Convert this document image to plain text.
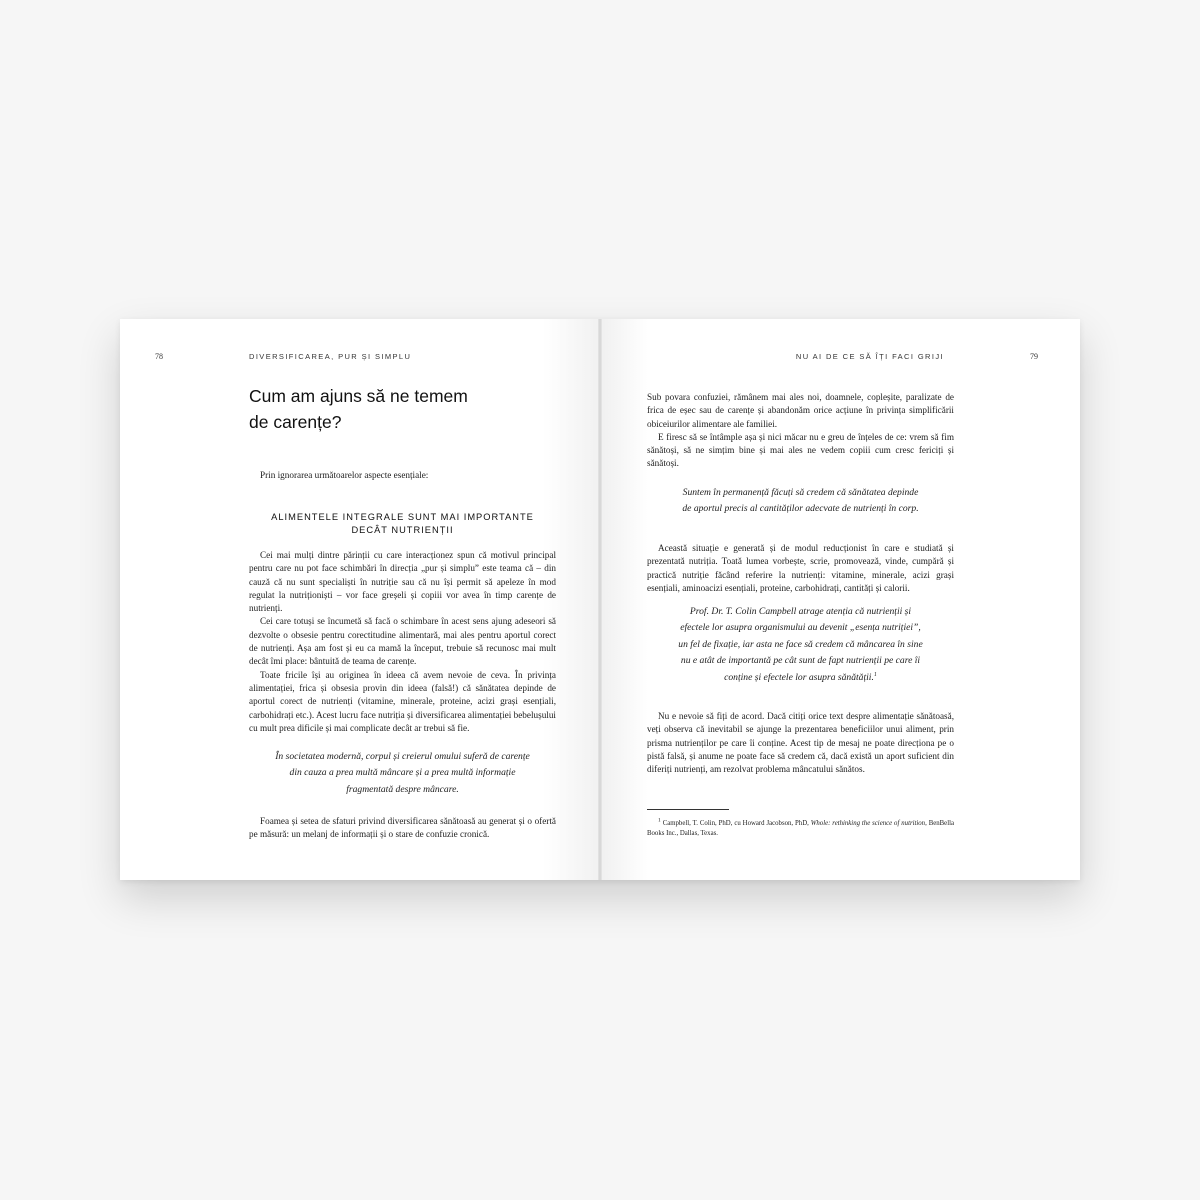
78	DIVERSIFICAREA, PUR ȘI SIMPLU
Cum am ajuns să ne temem
de carențe?

Prin ignorarea următoarelor aspecte esențiale:

ALIMENTELE INTEGRALE SUNT MAI IMPORTANTE
DECÂT NUTRIENȚII

Cei mai mulți dintre părinții cu care interacționez spun că motivul principal pentru care nu pot face schimbări în direcția „pur și simplu” este teama că – din cauză că nu sunt specialiști în nutriție sau că nu își permit să apeleze în mod regulat la nutriționiști – vor face greșeli și copiii vor avea în timp carențe de nutrienți.

Cei care totuși se încumetă să facă o schimbare în acest sens ajung adeseori să dezvolte o obsesie pentru corectitudine alimentară, mai ales pentru aportul corect de nutrienți. Așa am fost și eu ca mamă la început, trebuie să recunosc mai mult decât îmi place: bântuită de teama de carențe.

Toate fricile își au originea în ideea că avem nevoie de ceva. În privința alimentației, frica și obsesia provin din ideea (falsă!) că sănătatea depinde de aportul corect de nutrienți (vitamine, minerale, proteine, acizi grași esențiali, carbohidrați etc.). Acest lucru face nutriția și diversificarea alimentației bebelușului cu mult prea dificile și mai complicate decât ar trebui să fie.

În societatea modernă, corpul și creierul omului suferă de carențe
din cauza a prea multă mâncare și a prea multă informație
fragmentată despre mâncare.

Foamea și setea de sfaturi privind diversificarea sănătoasă au generat și o ofertă pe măsură: un melanj de informații și o stare de confuzie cronică.

NU AI DE CE SĂ ÎȚI FACI GRIJI	79

Sub povara confuziei, rămânem mai ales noi, doamnele, copleșite, paralizate de frica de eșec sau de carențe și abandonăm orice acțiune în privința simplificării obiceiurilor alimentare ale familiei.

E firesc să se întâmple așa și nici măcar nu e greu de înțeles de ce: vrem să fim sănătoși, să ne simțim bine și mai ales ne vedem copiii cum cresc fericiți și sănătoși.

Suntem în permanență făcuți să credem că sănătatea depinde
de aportul precis al cantităților adecvate de nutrienți în corp.

Această situație e generată și de modul reducționist în care e studiată și prezentată nutriția. Toată lumea vorbește, scrie, promovează, vinde, cumpără și practică nutriție făcând referire la nutrienți: vitamine, minerale, acizi grași esențiali, aminoacizi esențiali, proteine, carbohidrați, cantități și calorii.

Prof. Dr. T. Colin Campbell atrage atenția că nutrienții și
efectele lor asupra organismului au devenit „esența nutriției”,
un fel de fixație, iar asta ne face să credem că mâncarea în sine
nu e atât de importantă pe cât sunt de fapt nutrienții pe care îi
conține și efectele lor asupra sănătății.$^1$

Nu e nevoie să fiți de acord. Dacă citiți orice text despre alimentație sănătoasă, veți observa că inevitabil se ajunge la prezentarea beneficiilor unui aliment, prin prisma nutrienților pe care îi conține. Acest tip de mesaj ne poate direcționa pe o pistă falsă, și anume ne poate face să credem că, dacă există un aport suficient din diferiți nutrienți, am rezolvat problema mâncatului sănătos.

$^1$ Campbell, T. Colin, PhD, cu Howard Jacobson, PhD, Whole: rethinking the science of nutrition, BenBella Books Inc., Dallas, Texas.
